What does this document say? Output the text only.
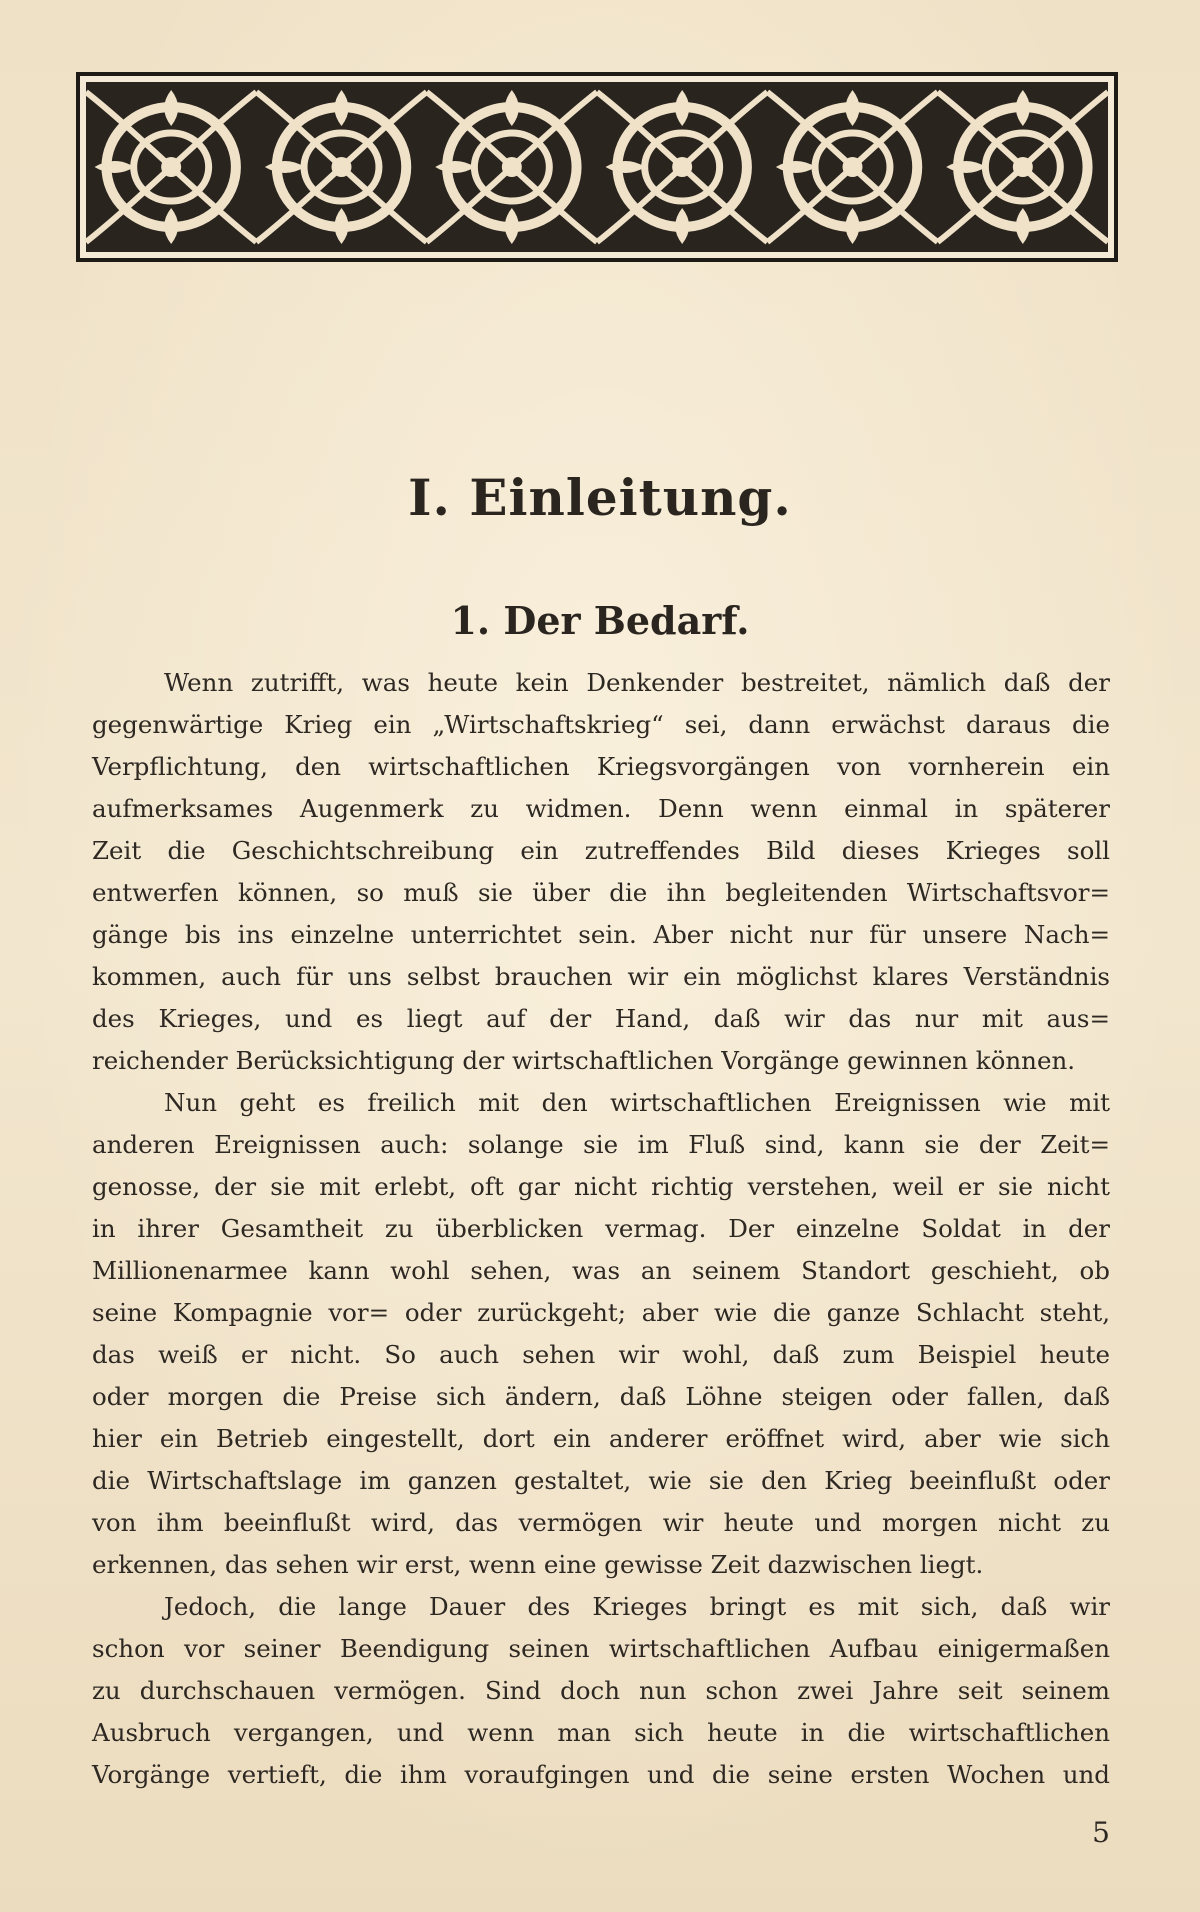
I. Einleitung.
1. Der Bedarf.
Wenn zutrifft, was heute kein Denkender bestreitet, nämlich daß der
gegenwärtige Krieg ein „Wirtschaftskrieg“ sei, dann erwächst daraus die
Verpflichtung, den wirtschaftlichen Kriegsvorgängen von vornherein ein
aufmerksames Augenmerk zu widmen. Denn wenn einmal in späterer
Zeit die Geschichtschreibung ein zutreffendes Bild dieses Krieges soll
entwerfen können, so muß sie über die ihn begleitenden Wirtschaftsvor=
gänge bis ins einzelne unterrichtet sein. Aber nicht nur für unsere Nach=
kommen, auch für uns selbst brauchen wir ein möglichst klares Verständnis
des Krieges, und es liegt auf der Hand, daß wir das nur mit aus=
reichender Berücksichtigung der wirtschaftlichen Vorgänge gewinnen können.
Nun geht es freilich mit den wirtschaftlichen Ereignissen wie mit
anderen Ereignissen auch: solange sie im Fluß sind, kann sie der Zeit=
genosse, der sie mit erlebt, oft gar nicht richtig verstehen, weil er sie nicht
in ihrer Gesamtheit zu überblicken vermag. Der einzelne Soldat in der
Millionenarmee kann wohl sehen, was an seinem Standort geschieht, ob
seine Kompagnie vor= oder zurückgeht; aber wie die ganze Schlacht steht,
das weiß er nicht. So auch sehen wir wohl, daß zum Beispiel heute
oder morgen die Preise sich ändern, daß Löhne steigen oder fallen, daß
hier ein Betrieb eingestellt, dort ein anderer eröffnet wird, aber wie sich
die Wirtschaftslage im ganzen gestaltet, wie sie den Krieg beeinflußt oder
von ihm beeinflußt wird, das vermögen wir heute und morgen nicht zu
erkennen, das sehen wir erst, wenn eine gewisse Zeit dazwischen liegt.
Jedoch, die lange Dauer des Krieges bringt es mit sich, daß wir
schon vor seiner Beendigung seinen wirtschaftlichen Aufbau einigermaßen
zu durchschauen vermögen. Sind doch nun schon zwei Jahre seit seinem
Ausbruch vergangen, und wenn man sich heute in die wirtschaftlichen
Vorgänge vertieft, die ihm voraufgingen und die seine ersten Wochen und
5
